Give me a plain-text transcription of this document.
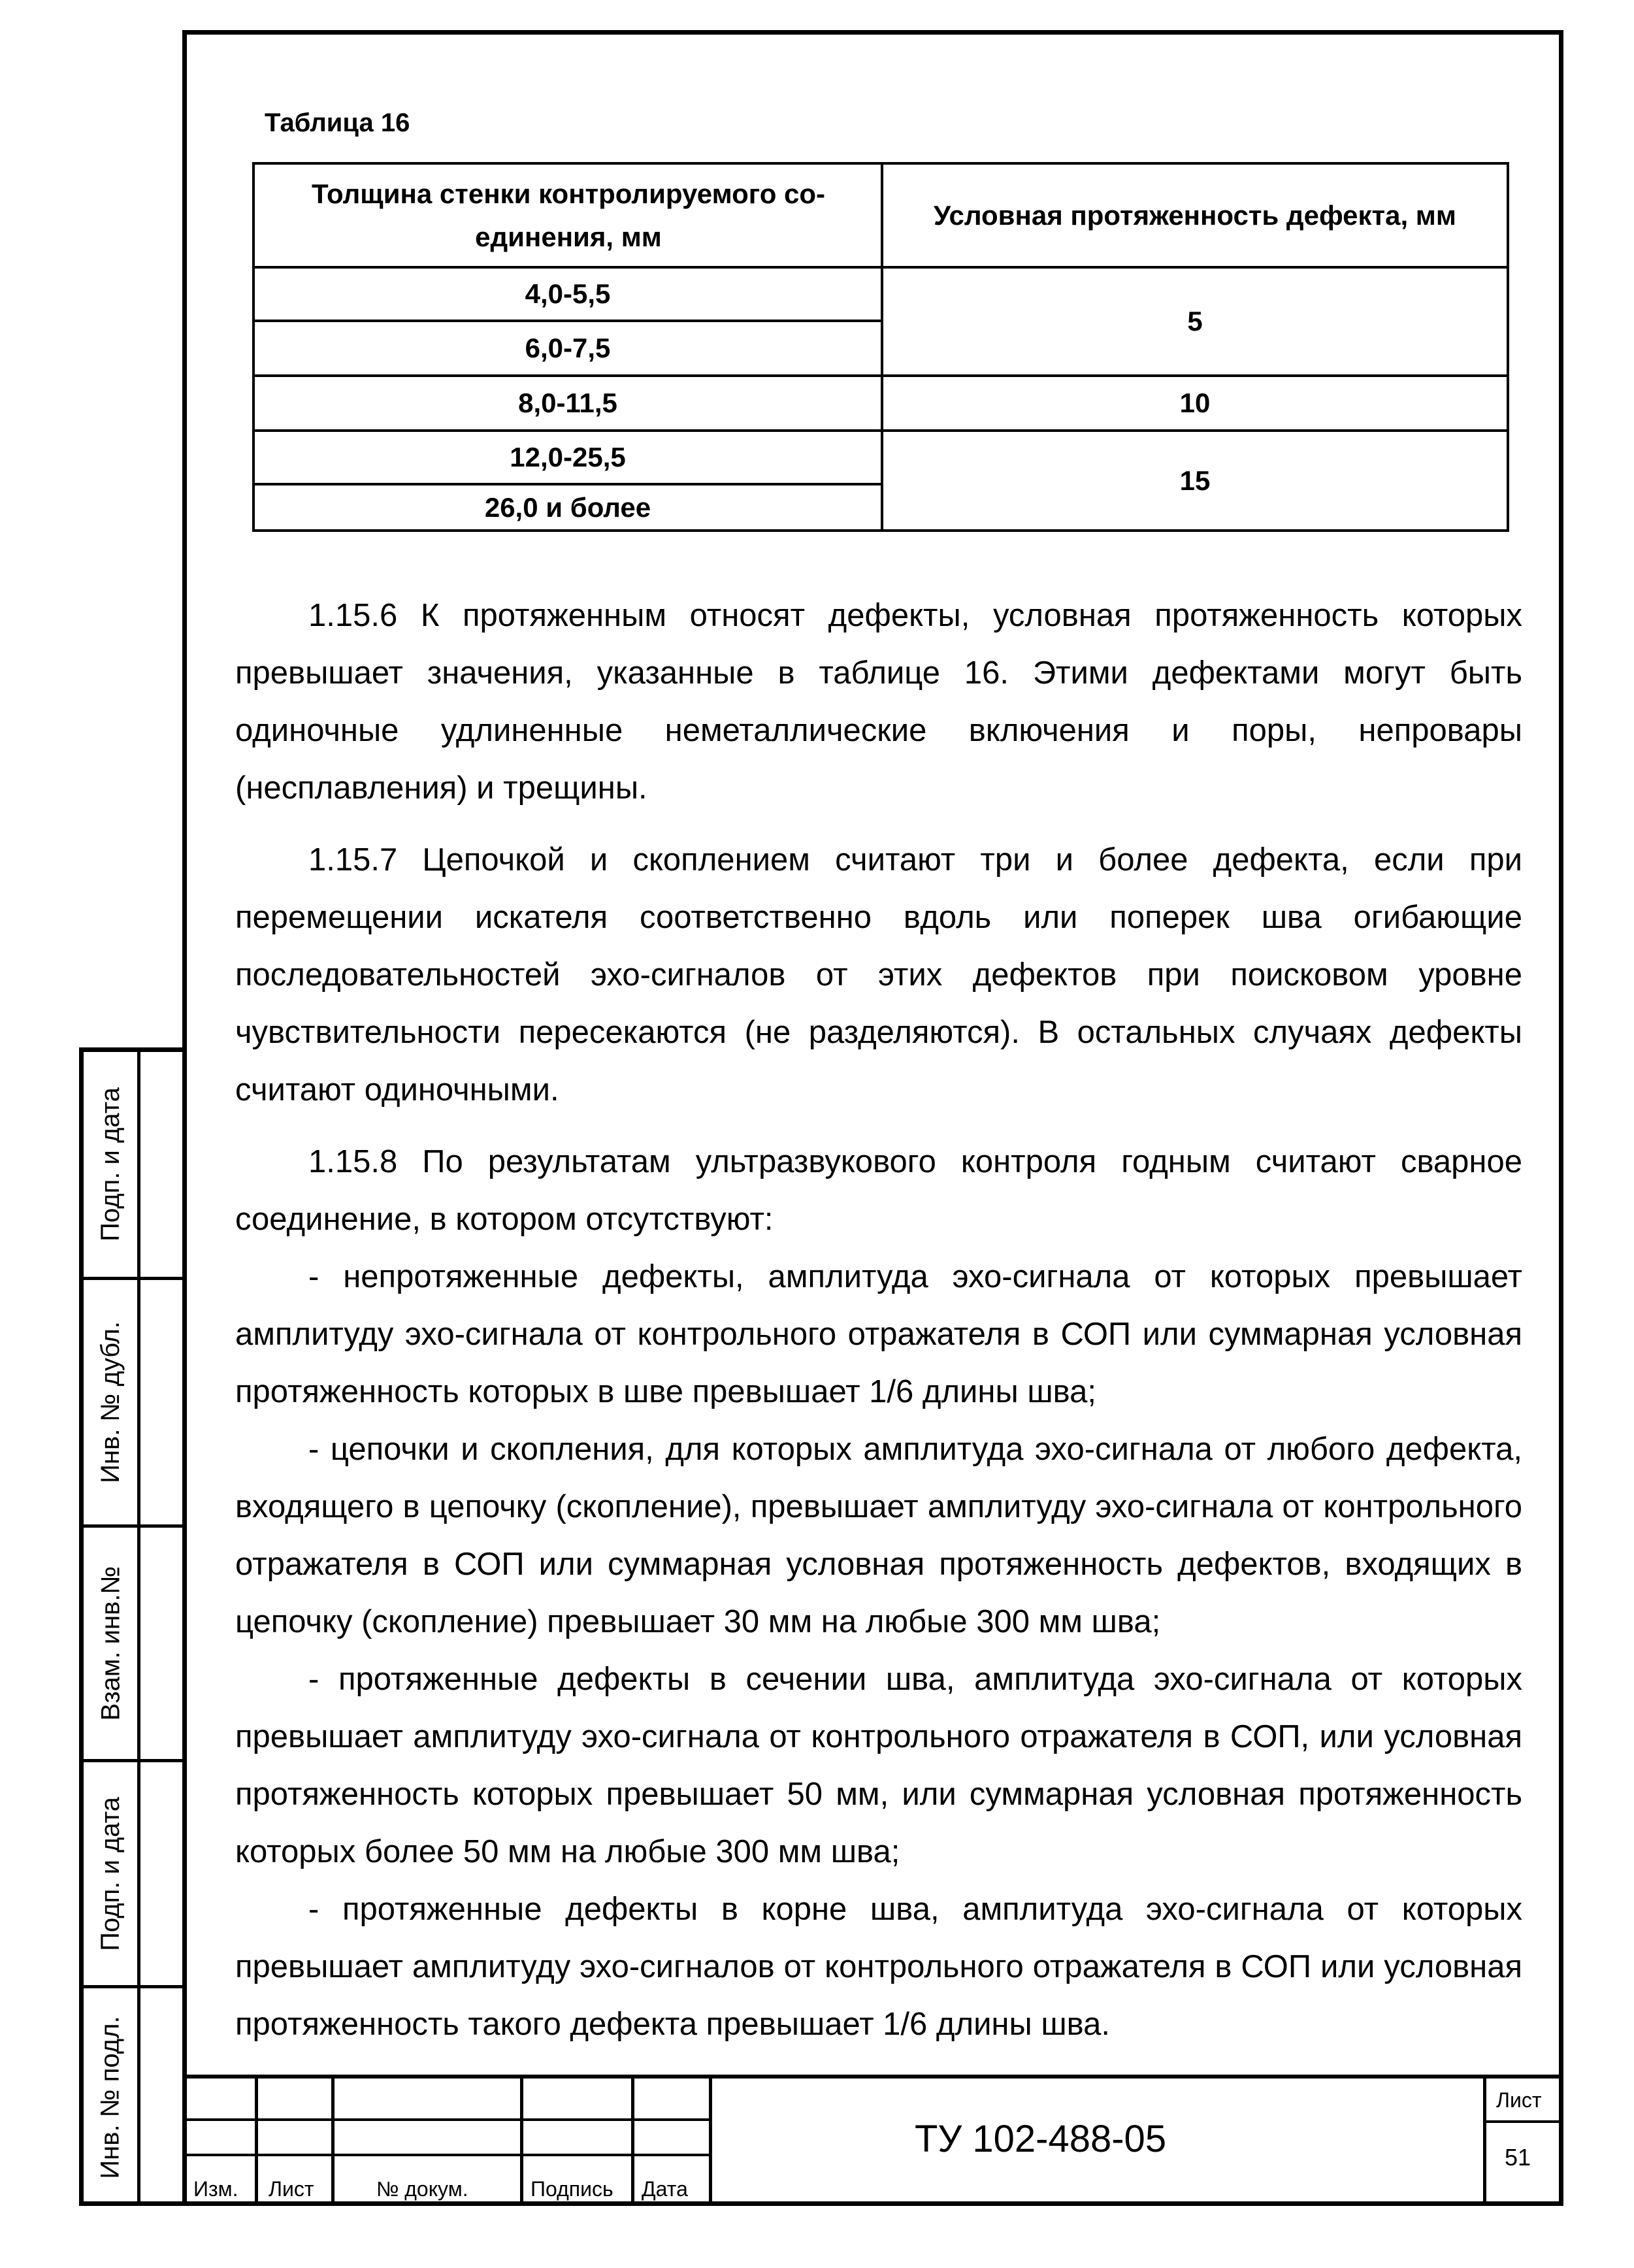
Подп. и дата
Инв. № дубл.
Взам. инв.№
Подп. и дата
Инв. № подл.
Таблица 16
Толщина стенки контролируемого со-единения, мм
Условная протяженность дефекта, мм
4,0-5,5
6,0-7,5
8,0-11,5
12,0-25,5
26,0 и более
5
10
15

1.15.6 К протяженным относят дефекты, условная протяженность которых превышает значения, указанные в таблице 16. Этими дефектами могут быть одиночные удлиненные неметаллические включения и поры, непровары (несплавления) и трещины.

1.15.7 Цепочкой и скоплением считают три и более дефекта, если при перемещении искателя соответственно вдоль или поперек шва огибающие последовательностей эхо-сигналов от этих дефектов при поисковом уровне чувствительности пересекаются (не разделяются). В остальных случаях дефекты считают одиночными.

1.15.8 По результатам ультразвукового контроля годным считают сварное соединение, в котором отсутствуют:

- непротяженные дефекты, амплитуда эхо-сигнала от которых превышает амплитуду эхо-сигнала от контрольного отражателя в СОП или суммарная условная протяженность которых в шве превышает 1/6 длины шва;

- цепочки и скопления, для которых амплитуда эхо-сигнала от любого дефекта, входящего в цепочку (скопление), превышает амплитуду эхо-сигнала от контрольного отражателя в СОП или суммарная условная протяженность дефектов, входящих в цепочку (скопление) превышает 30 мм на любые 300 мм шва;

- протяженные дефекты в сечении шва, амплитуда эхо-сигнала от которых превышает амплитуду эхо-сигнала от контрольного отражателя в СОП, или условная протяженность которых превышает 50 мм, или суммарная условная протяженность которых более 50 мм на любые 300 мм шва;

- протяженные дефекты в корне шва, амплитуда эхо-сигнала от которых превышает амплитуду эхо-сигналов от контрольного отражателя в СОП или условная протяженность такого дефекта превышает 1/6 длины шва.

Изм. Лист	№ докум.	Подпись Дата
ТУ 102-488-05
Лист
51
